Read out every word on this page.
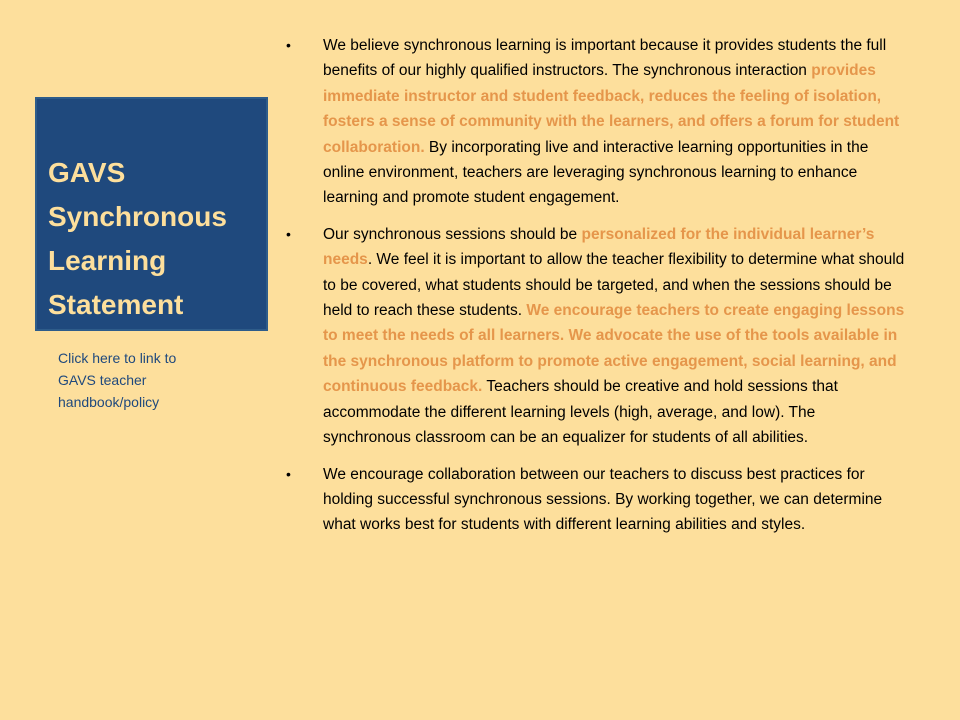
GAVS
Synchronous
Learning
Statement
Click here to link to
GAVS teacher
handbook/policy
• We believe synchronous learning is important because it provides students the full benefits of our highly qualified instructors. The synchronous interaction provides immediate instructor and student feedback, reduces the feeling of isolation, fosters a sense of community with the learners, and offers a forum for student collaboration. By incorporating live and interactive learning opportunities in the online environment, teachers are leveraging synchronous learning to enhance learning and promote student engagement.
• Our synchronous sessions should be personalized for the individual learner’s needs. We feel it is important to allow the teacher flexibility to determine what should to be covered, what students should be targeted, and when the sessions should be held to reach these students. We encourage teachers to create engaging lessons to meet the needs of all learners. We advocate the use of the tools available in the synchronous platform to promote active engagement, social learning, and continuous feedback. Teachers should be creative and hold sessions that accommodate the different learning levels (high, average, and low). The synchronous classroom can be an equalizer for students of all abilities.
• We encourage collaboration between our teachers to discuss best practices for holding successful synchronous sessions. By working together, we can determine what works best for students with different learning abilities and styles.
